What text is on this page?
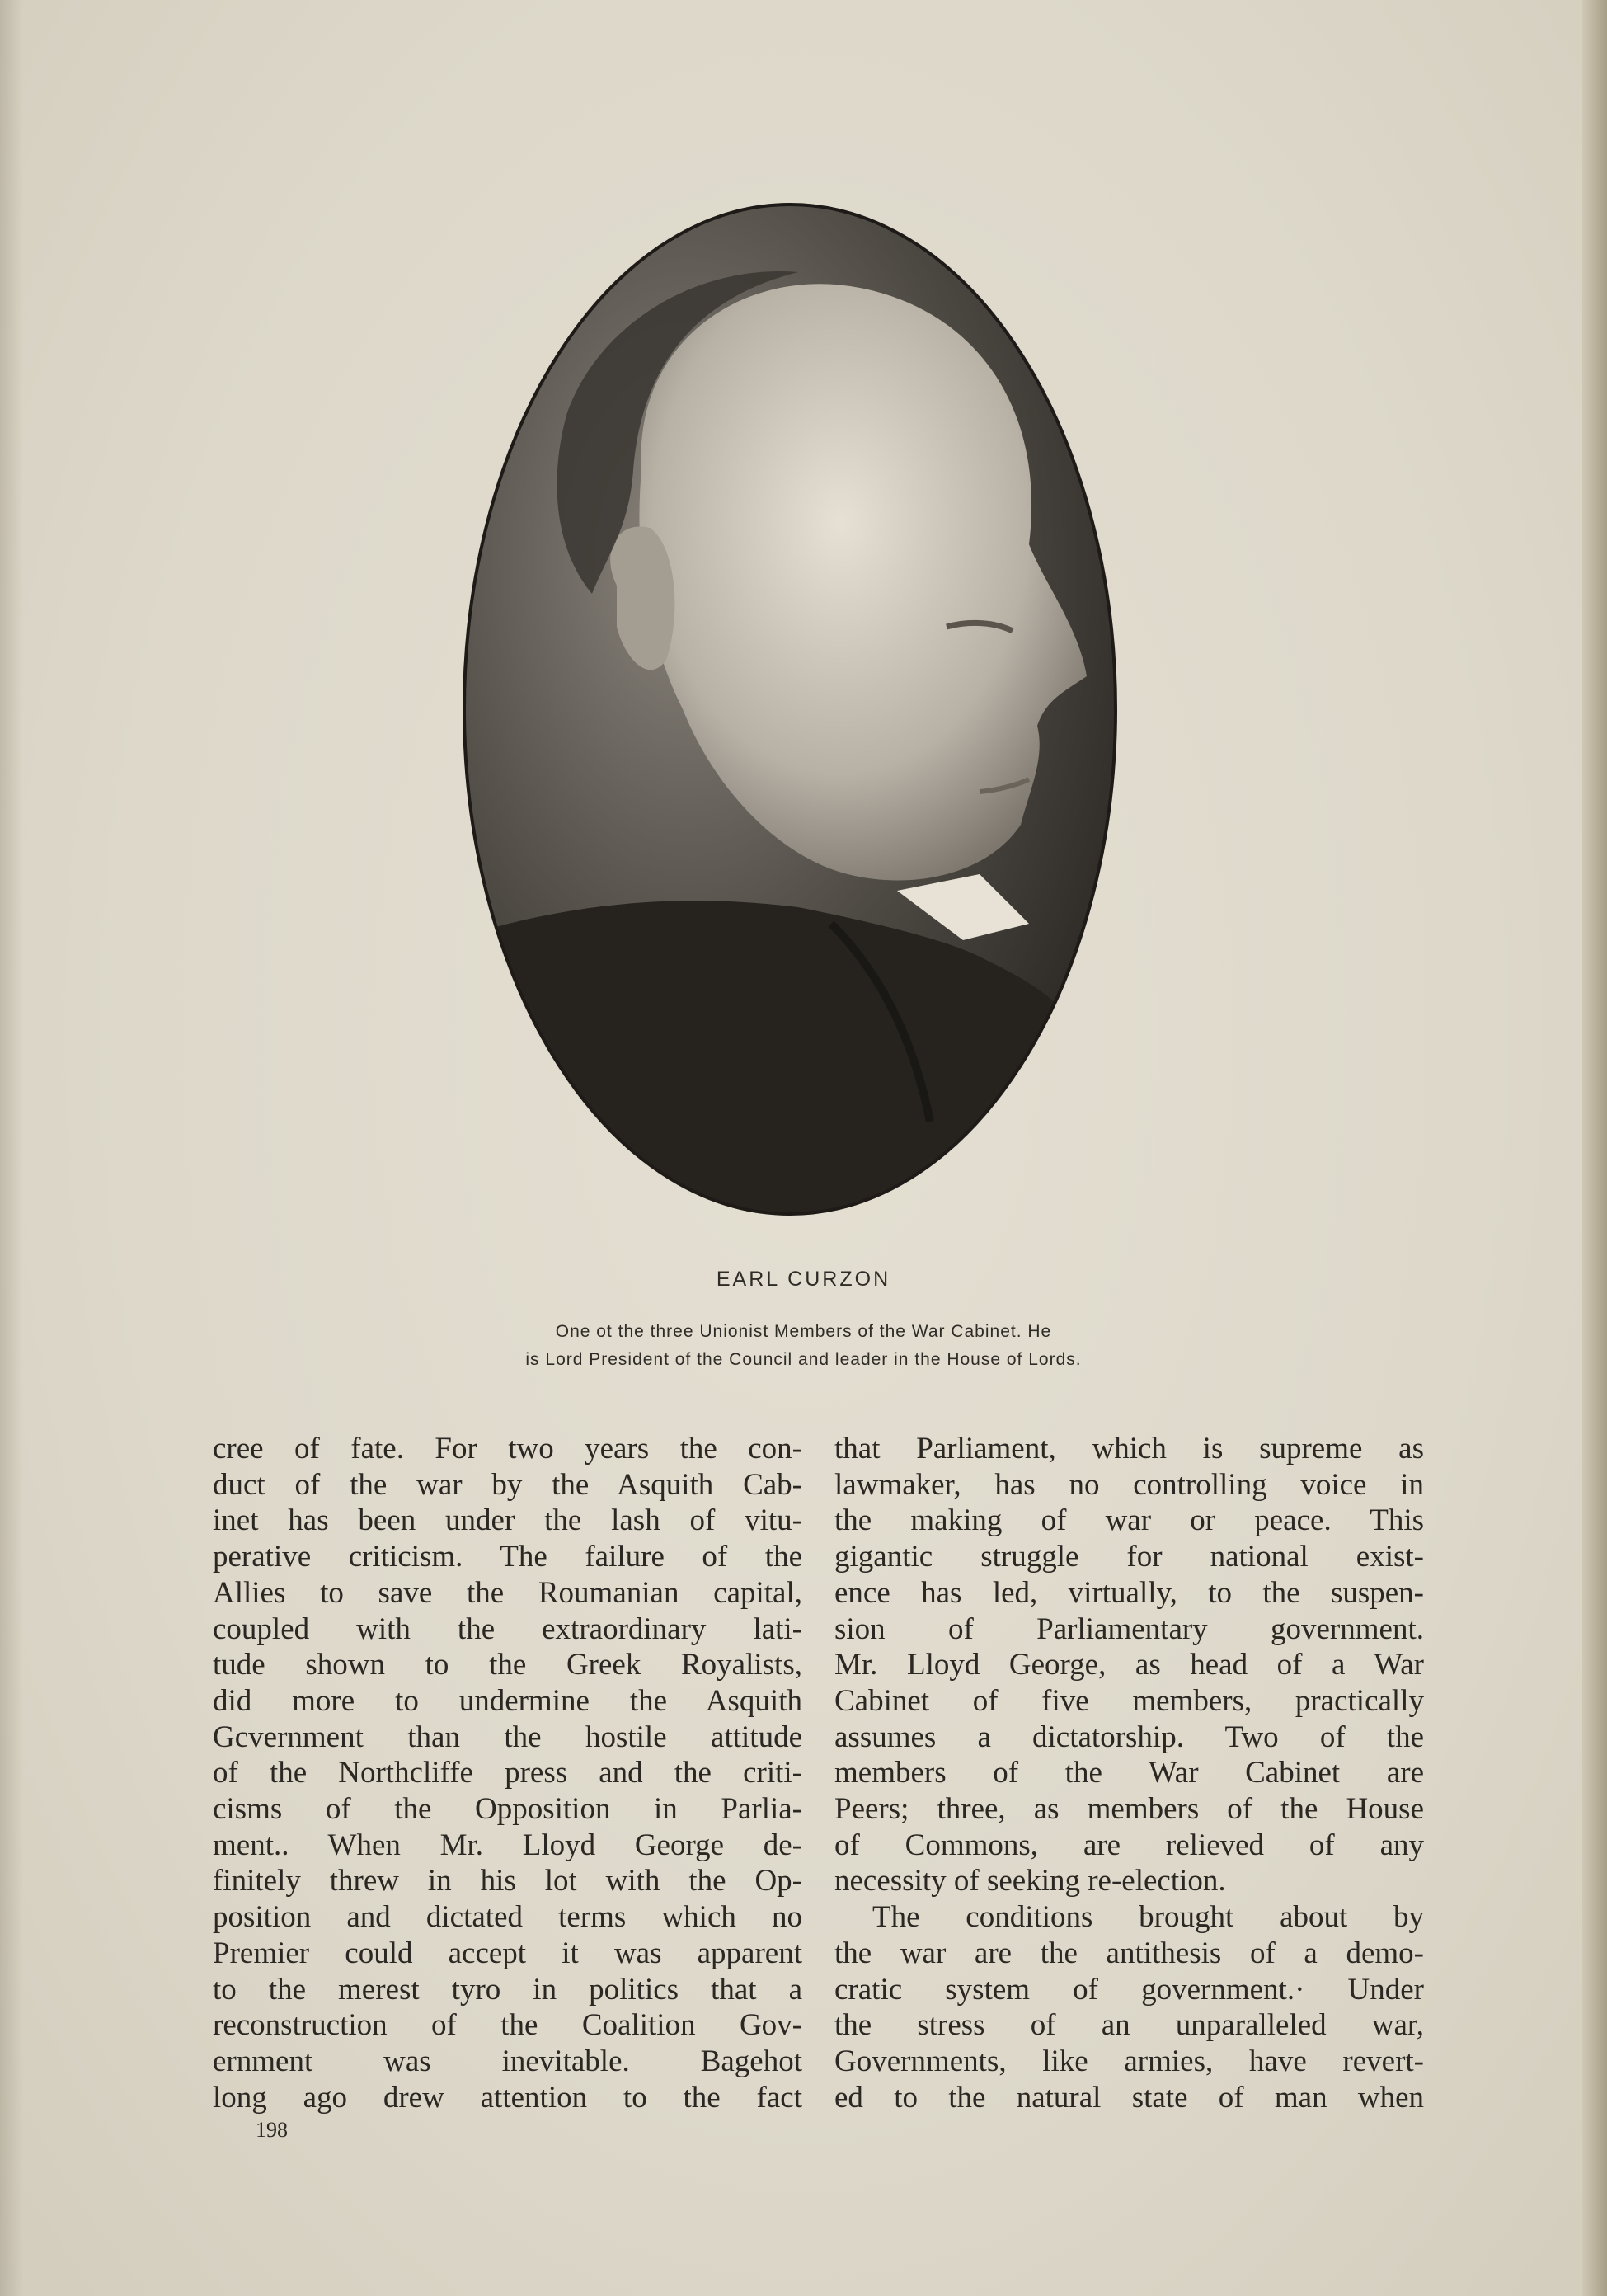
EARL CURZON
One ot the three Unionist Members of the War Cabinet. He
is Lord President of the Council and leader in the House of Lords.
cree of fate. For two years the con-
duct of the war by the Asquith Cab-
inet has been under the lash of vitu-
perative criticism. The failure of the
Allies to save the Roumanian capital,
coupled with the extraordinary lati-
tude shown to the Greek Royalists,
did more to undermine the Asquith
Gcvernment than the hostile attitude
of the Northcliffe press and the criti-
cisms of the Opposition in Parlia-
ment.. When Mr. Lloyd George de-
finitely threw in his lot with the Op-
position and dictated terms which no
Premier could accept it was apparent
to the merest tyro in politics that a
reconstruction of the Coalition Gov-
ernment was inevitable. Bagehot
long ago drew attention to the fact
that Parliament, which is supreme as
lawmaker, has no controlling voice in
the making of war or peace. This
gigantic struggle for national exist-
ence has led, virtually, to the suspen-
sion of Parliamentary government.
Mr. Lloyd George, as head of a War
Cabinet of five members, practically
assumes a dictatorship. Two of the
members of the War Cabinet are
Peers; three, as members of the House
of Commons, are relieved of any
necessity of seeking re-election.
The conditions brought about by
the war are the antithesis of a demo-
cratic system of government.· Under
the stress of an unparalleled war,
Governments, like armies, have revert-
ed to the natural state of man when
198
